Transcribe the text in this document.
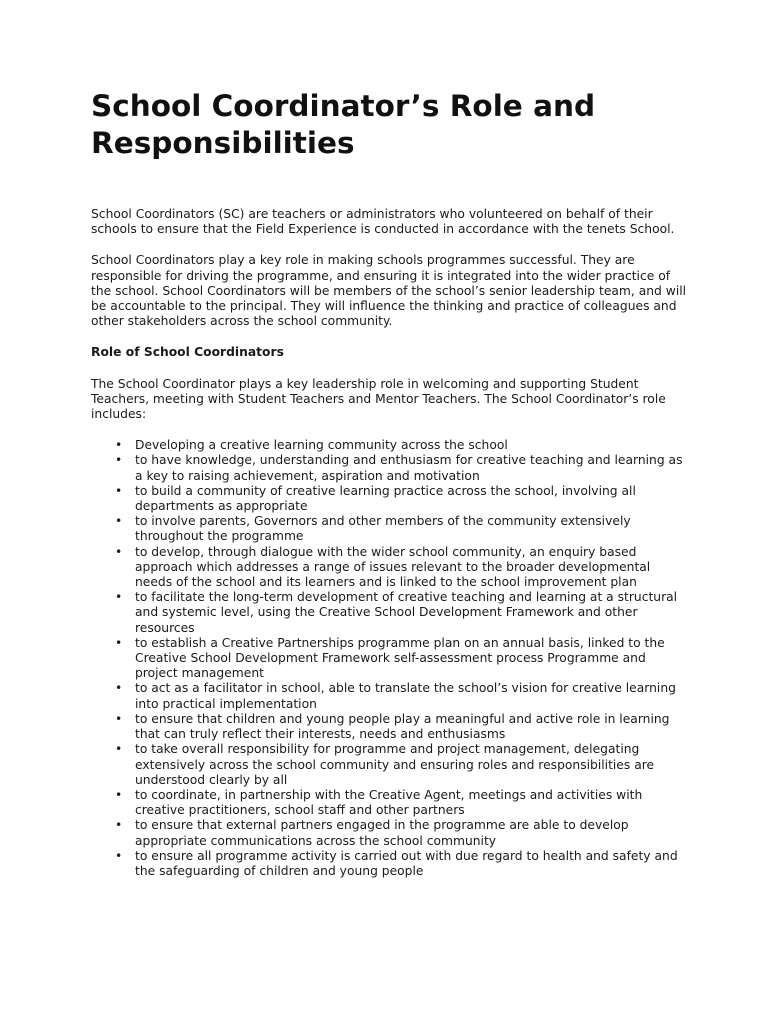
School Coordinator’s Role and Responsibilities

School Coordinators (SC) are teachers or administrators who volunteered on behalf of their schools to ensure that the Field Experience is conducted in accordance with the tenets School.

School Coordinators play a key role in making schools programmes successful. They are responsible for driving the programme, and ensuring it is integrated into the wider practice of the school. School Coordinators will be members of the school’s senior leadership team, and will be accountable to the principal. They will influence the thinking and practice of colleagues and other stakeholders across the school community.

Role of School Coordinators

The School Coordinator plays a key leadership role in welcoming and supporting Student Teachers, meeting with Student Teachers and Mentor Teachers. The School Coordinator’s role includes:

• Developing a creative learning community across the school
• to have knowledge, understanding and enthusiasm for creative teaching and learning as a key to raising achievement, aspiration and motivation
• to build a community of creative learning practice across the school, involving all departments as appropriate
• to involve parents, Governors and other members of the community extensively throughout the programme
• to develop, through dialogue with the wider school community, an enquiry based approach which addresses a range of issues relevant to the broader developmental needs of the school and its learners and is linked to the school improvement plan
• to facilitate the long-term development of creative teaching and learning at a structural and systemic level, using the Creative School Development Framework and other resources
• to establish a Creative Partnerships programme plan on an annual basis, linked to the Creative School Development Framework self-assessment process Programme and project management
• to act as a facilitator in school, able to translate the school’s vision for creative learning into practical implementation
• to ensure that children and young people play a meaningful and active role in learning that can truly reflect their interests, needs and enthusiasms
• to take overall responsibility for programme and project management, delegating extensively across the school community and ensuring roles and responsibilities are understood clearly by all
• to coordinate, in partnership with the Creative Agent, meetings and activities with creative practitioners, school staff and other partners
• to ensure that external partners engaged in the programme are able to develop appropriate communications across the school community
• to ensure all programme activity is carried out with due regard to health and safety and the safeguarding of children and young people
